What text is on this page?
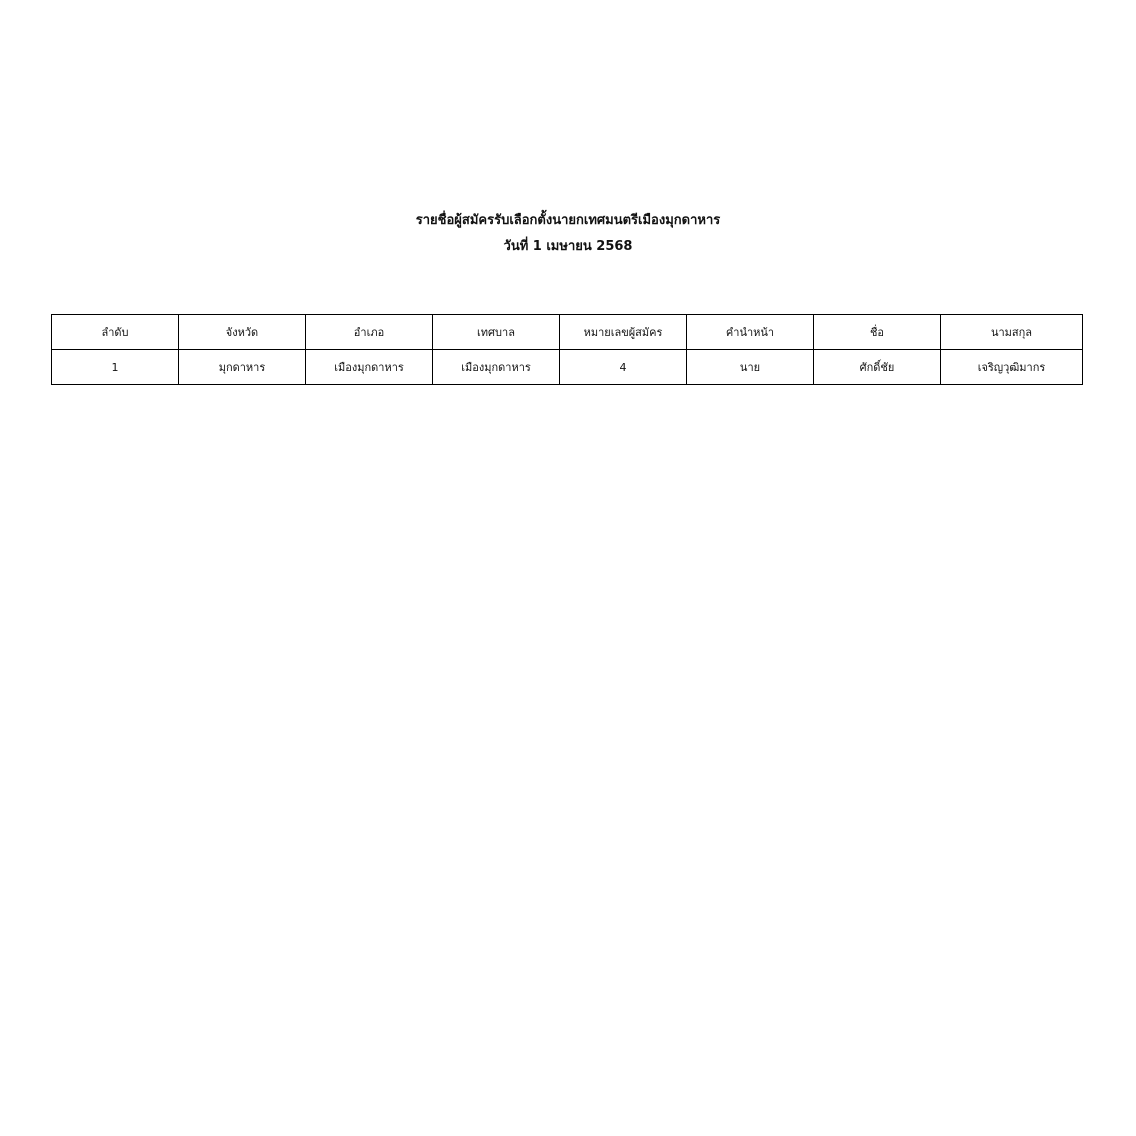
รายชื่อผู้สมัครรับเลือกตั้งนายกเทศมนตรีเมืองมุกดาหาร

วันที่ 1 เมษายน 2568

ลำดับ	จังหวัด	อำเภอ	เทศบาล	หมายเลขผู้สมัคร	คำนำหน้า	ชื่อ	นามสกุล
1	มุกดาหาร	เมืองมุกดาหาร	เมืองมุกดาหาร	4	นาย	ศักดิ์ชัย	เจริญวุฒิมากร
